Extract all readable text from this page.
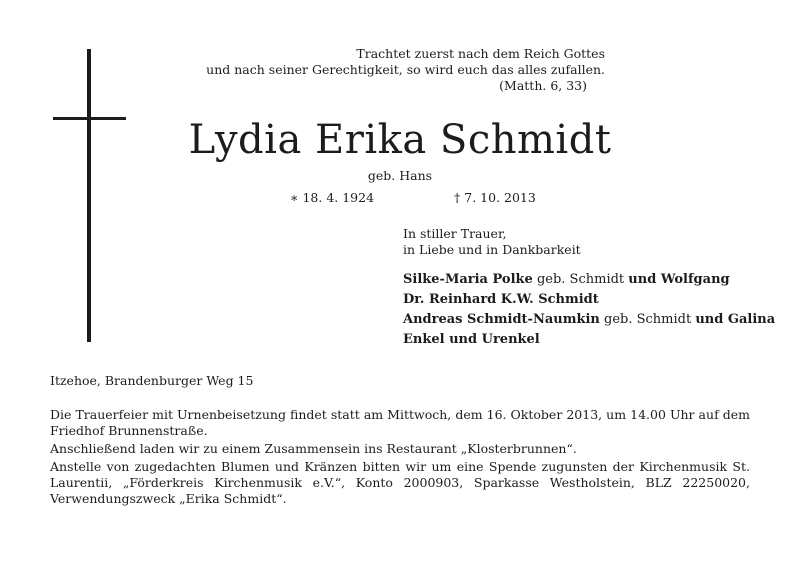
Trachtet zuerst nach dem Reich Gottes
und nach seiner Gerechtigkeit, so wird euch das alles zufallen.
(Matth. 6, 33)
Lydia Erika Schmidt
geb. Hans
∗ 18. 4. 1924	† 7. 10. 2013
In stiller Trauer,
in Liebe und in Dankbarkeit
Silke-Maria Polke geb. Schmidt und Wolfgang
Dr. Reinhard K.W. Schmidt
Andreas Schmidt-Naumkin geb. Schmidt und Galina
Enkel und Urenkel
Itzehoe, Brandenburger Weg 15

Die Trauerfeier mit Urnenbeisetzung findet statt am Mittwoch, dem 16. Oktober 2013, um 14.00 Uhr auf dem Friedhof Brunnenstraße.

Anschließend laden wir zu einem Zusammensein ins Restaurant „Klosterbrunnen“.

Anstelle von zugedachten Blumen und Kränzen bitten wir um eine Spende zugunsten der Kirchenmusik St. Laurentii, „Förderkreis Kirchenmusik e.V.“, Konto 2000903, Sparkasse Westholstein, BLZ 22250020, Verwendungszweck „Erika Schmidt“.
